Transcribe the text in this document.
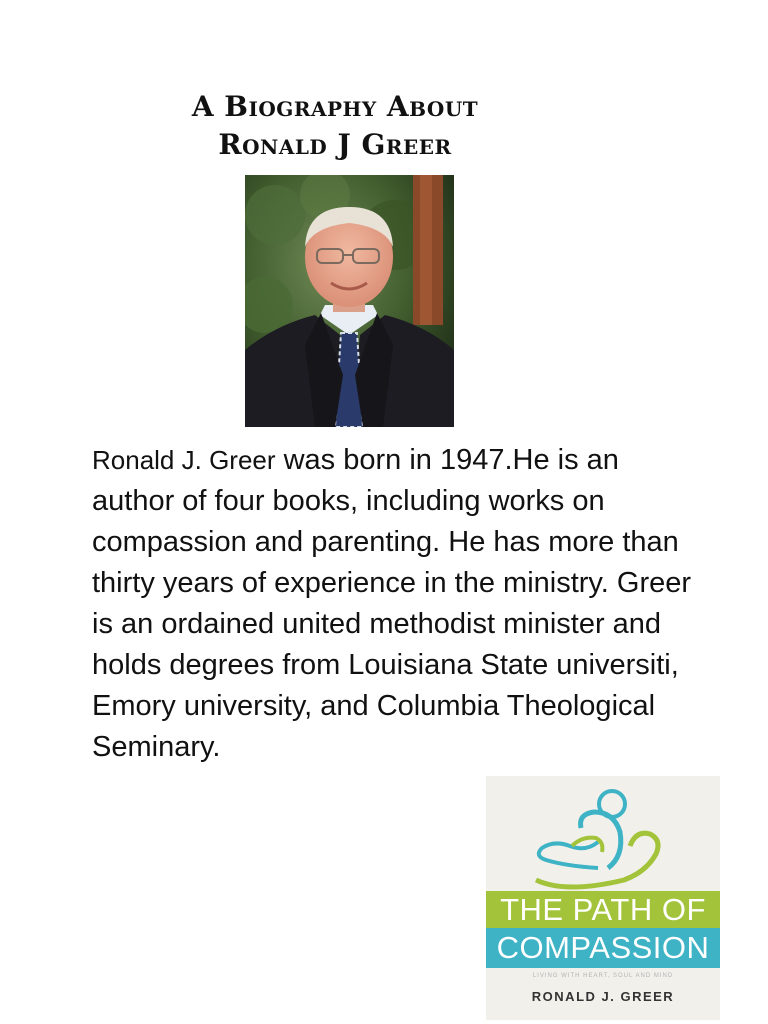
A Biography About
Ronald J Greer

Ronald J. Greer was born in 1947.He is an author of four books, including works on compassion and parenting. He has more than thirty years of experience in the ministry. Greer is an ordained united methodist minister and holds degrees from Louisiana State universiti, Emory university, and Columbia Theological Seminary.

THE PATH OF
COMPASSION
LIVING WITH HEART, SOUL AND MIND
RONALD J. GREER
